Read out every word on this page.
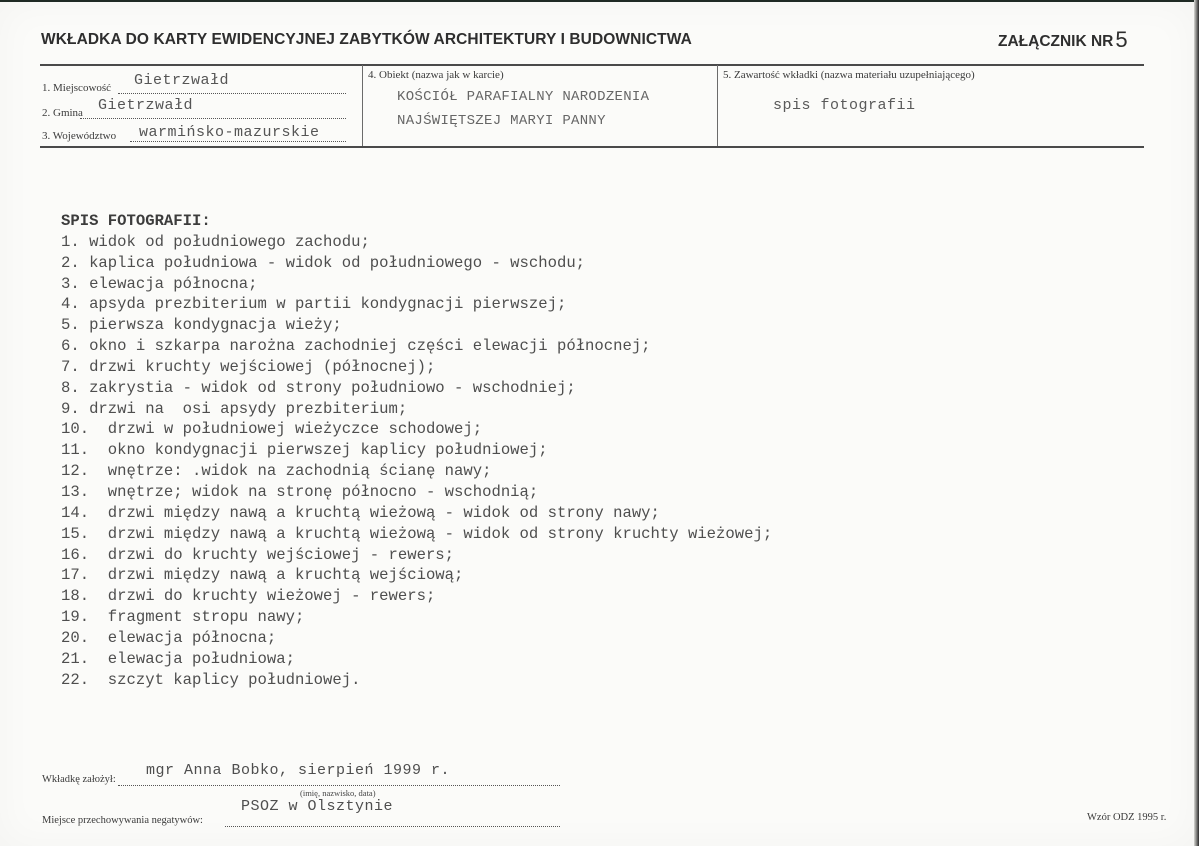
WKŁADKA DO KARTY EWIDENCYJNEJ ZABYTKÓW ARCHITEKTURY I BUDOWNICTWA	ZAŁĄCZNIK NR5
1. Miejscowość Gietrzwałd
2. Gmina Gietrzwałd
3. Województwo warmińsko-mazurskie
4. Obiekt (nazwa jak w karcie)
KOŚCIÓŁ PARAFIALNY NARODZENIA
NAJŚWIĘTSZEJ MARYI PANNY
5. Zawartość wkładki (nazwa materiału uzupełniającego)
spis fotografii
SPIS FOTOGRAFII:
1. widok od południowego zachodu;
2. kaplica południowa - widok od południowego - wschodu;
3. elewacja północna;
4. apsyda prezbiterium w partii kondygnacji pierwszej;
5. pierwsza kondygnacja wieży;
6. okno i szkarpa narożna zachodniej części elewacji północnej;
7. drzwi kruchty wejściowej (północnej);
8. zakrystia - widok od strony południowo - wschodniej;
9. drzwi na  osi apsydy prezbiterium;
10.  drzwi w południowej wieżyczce schodowej;
11.  okno kondygnacji pierwszej kaplicy południowej;
12.  wnętrze: .widok na zachodnią ścianę nawy;
13.  wnętrze; widok na stronę północno - wschodnią;
14.  drzwi między nawą a kruchtą wieżową - widok od strony nawy;
15.  drzwi między nawą a kruchtą wieżową - widok od strony kruchty wieżowej;
16.  drzwi do kruchty wejściowej - rewers;
17.  drzwi między nawą a kruchtą wejściową;
18.  drzwi do kruchty wieżowej - rewers;
19.  fragment stropu nawy;
20.  elewacja północna;
21.  elewacja południowa;
22.  szczyt kaplicy południowej.
Wkładkę założył:
mgr Anna Bobko, sierpień 1999 r.
(imię, nazwisko, data)
Miejsce przechowywania negatywów:
PSOZ w Olsztynie
Wzór ODZ 1995 r.
